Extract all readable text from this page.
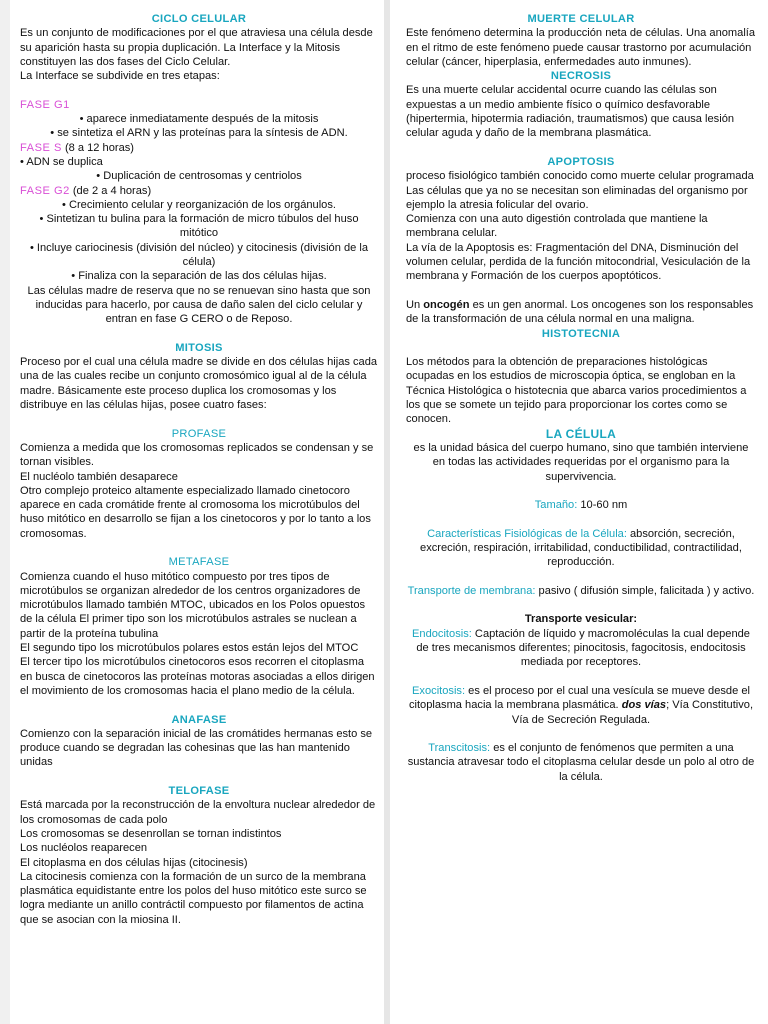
CICLO CELULAR

Es un conjunto de modificaciones por el que atraviesa una célula desde su aparición hasta su propia duplicación. La Interface y la Mitosis constituyen las dos fases del Ciclo Celular.

La Interface se subdivide en tres etapas:

FASE G1

• aparece inmediatamente después de la mitosis

• se sintetiza el ARN y las proteínas para la síntesis de ADN.

FASE S (8 a 12 horas)

• ADN se duplica

• Duplicación de centrosomas y centriolos

FASE G2 (de 2 a 4 horas)

• Crecimiento celular y reorganización de los orgánulos.

• Sintetizan tu bulina para la formación de micro túbulos del huso mitótico

• Incluye cariocinesis (división del núcleo) y citocinesis (división de la célula)

• Finaliza con la separación de las dos células hijas.

Las células madre de reserva que no se renuevan sino hasta que son inducidas para hacerlo, por causa de daño salen del ciclo celular y entran en fase G CERO o de Reposo.

MITOSIS

Proceso por el cual una célula madre se divide en dos células hijas cada una de las cuales recibe un conjunto cromosómico igual al de la célula madre. Básicamente este proceso duplica los cromosomas y los distribuye en las células hijas, posee cuatro fases:

PROFASE

Comienza a medida que los cromosomas replicados se condensan y se tornan visibles.

El nucléolo también desaparece

Otro complejo proteico altamente especializado llamado cinetocoro aparece en cada cromátide frente al cromosoma los microtúbulos del huso mitótico en desarrollo se fijan a los cinetocoros y por lo tanto a los cromosomas.

METAFASE

Comienza cuando el huso mitótico compuesto por tres tipos de microtúbulos se organizan alrededor de los centros organizadores de microtúbulos llamado también MTOC, ubicados en los Polos opuestos de la célula El primer tipo son los microtúbulos astrales se nuclean a partir de la proteína tubulina

El segundo tipo los microtúbulos polares estos están lejos del MTOC

El tercer tipo los microtúbulos cinetocoros esos recorren el citoplasma en busca de cinetocoros las proteínas motoras asociadas a ellos dirigen el movimiento de los cromosomas hacia el plano medio de la célula.

ANAFASE

Comienzo con la separación inicial de las cromátides hermanas esto se produce cuando se degradan las cohesinas que las han mantenido unidas

TELOFASE

Está marcada por la reconstrucción de la envoltura nuclear alrededor de los cromosomas de cada polo

Los cromosomas se desenrollan se tornan indistintos

Los nucléolos reaparecen

El citoplasma en dos células hijas (citocinesis)

La citocinesis comienza con la formación de un surco de la membrana plasmática equidistante entre los polos del huso mitótico este surco se logra mediante un anillo contráctil compuesto por filamentos de actina que se asocian con la miosina II.

MUERTE CELULAR

Este fenómeno determina la producción neta de células. Una anomalía en el ritmo de este fenómeno puede causar trastorno por acumulación celular (cáncer, hiperplasia, enfermedades auto inmunes).

NECROSIS

Es una muerte celular accidental ocurre cuando las células son expuestas a un medio ambiente físico o químico desfavorable (hipertermia, hipotermia radiación, traumatismos) que causa lesión celular aguda y daño de la membrana plasmática.

APOPTOSIS

proceso fisiológico también conocido como muerte celular programada

Las células que ya no se necesitan son eliminadas del organismo por ejemplo la atresia folicular del ovario.

Comienza con una auto digestión controlada que mantiene la membrana celular.

La vía de la Apoptosis es: Fragmentación del DNA, Disminución del volumen celular, perdida de la función mitocondrial, Vesiculación de la membrana y Formación de los cuerpos apoptóticos.

Un oncogén es un gen anormal. Los oncogenes son los responsables de la transformación de una célula normal en una maligna.

HISTOTECNIA

Los métodos para la obtención de preparaciones histológicas ocupadas en los estudios de microscopia óptica, se engloban en la Técnica Histológica o histotecnia que abarca varios procedimientos a los que se somete un tejido para proporcionar los cortes como se conocen.

LA CÉLULA

es la unidad básica del cuerpo humano, sino que también interviene en todas las actividades requeridas por el organismo para la supervivencia.

Tamaño: 10-60 nm

Características Fisiológicas de la Célula: absorción, secreción, excreción, respiración, irritabilidad, conductibilidad, contractilidad, reproducción.

Transporte de membrana: pasivo ( difusión simple, falicitada ) y activo.

Transporte vesicular:

Endocitosis: Captación de líquido y macromoléculas la cual depende de tres mecanismos diferentes; pinocitosis, fagocitosis, endocitosis mediada por receptores.

Exocitosis: es el proceso por el cual una vesícula se mueve desde el citoplasma hacia la membrana plasmática. dos vías; Vía Constitutivo, Vía de Secreción Regulada.

Transcitosis: es el conjunto de fenómenos que permiten a una sustancia atravesar todo el citoplasma celular desde un polo al otro de la célula.
